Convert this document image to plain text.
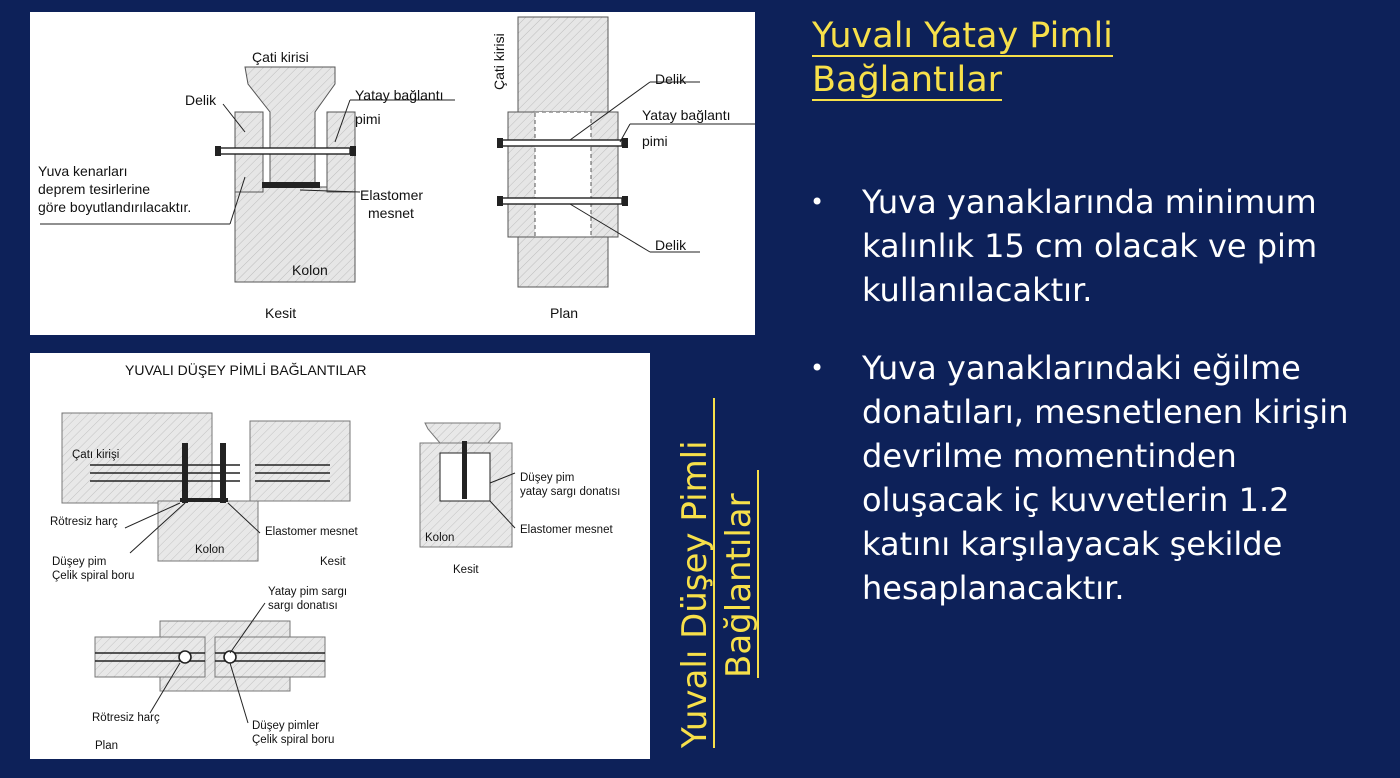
Çati kirisi
Delik	Yatay bağlantı
pimi
Yuva kenarları
deprem tesirlerine
göre boyutlandırılacaktır.
Elastomer
mesnet
Kolon
Kesit
Çati kirisi	Delik
Yatay bağlantı
pimi
Delik
Plan
YUVALI DÜŞEY PİMLİ BAĞLANTILAR
Çatı kirişi
Rötresiz harç
Elastomer mesnet
Kolon
Düşey pim
Çelik spiral boru
Kesit
Düşey pim
yatay sargı donatısı
Elastomer mesnet
Kolon
Kesit
Yatay pim sargı
sargı donatısı
Rötresiz harç
Düşey pimler
Çelik spiral boru
Plan	Yuvalı Düşey Pimli Bağlantılar
Yuvalı Yatay Pimli
Bağlantılar
• Yuva yanaklarında minimum kalınlık 15 cm olacak ve pim kullanılacaktır.
• Yuva yanaklarındaki eğilme donatıları, mesnetlenen kirişin devrilme momentinden oluşacak iç kuvvetlerin 1.2 katını karşılayacak şekilde hesaplanacaktır.
